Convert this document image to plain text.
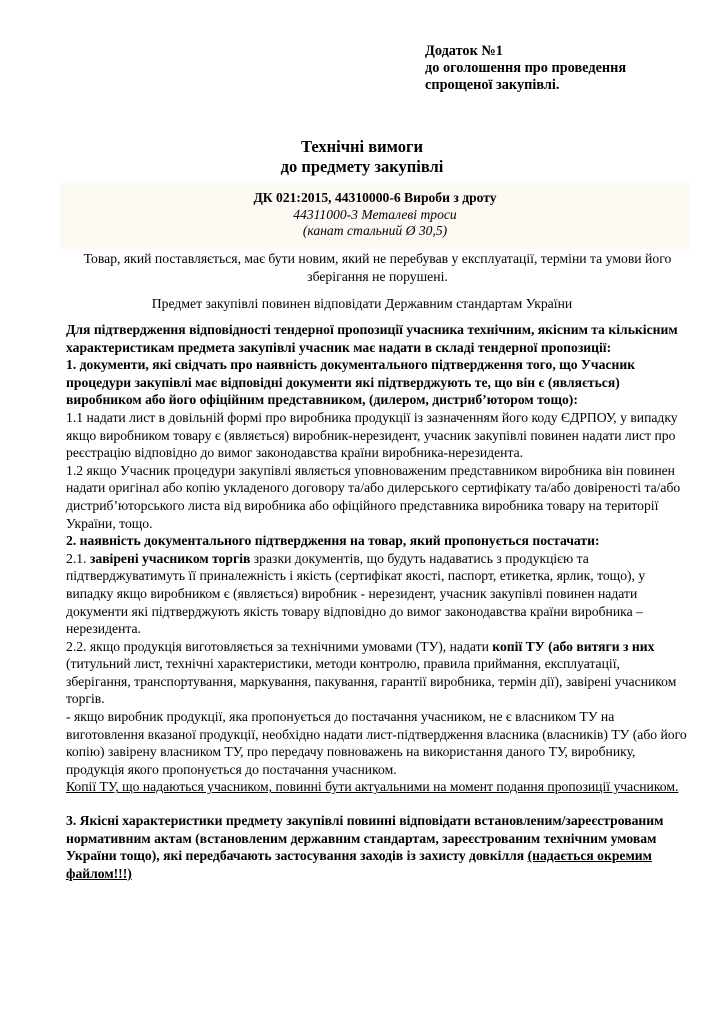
Додаток №1
до оголошення про проведення
спрощеної закупівлі.
Технічні вимоги
до предмету закупівлі
ДК 021:2015, 44310000-6 Вироби з дроту
44311000-3 Металеві троси
(канат стальний Ø 30,5)
Товар, який поставляється, має бути новим, який не перебував у експлуатації, терміни та умови його зберігання не порушені.
Предмет закупівлі повинен відповідати Державним стандартам України

Для підтвердження відповідності тендерної пропозиції учасника технічним, якісним та кількісним характеристикам предмета закупівлі учасник має надати в складі тендерної пропозиції:

1. документи, які свідчать про наявність документального підтвердження того, що Учасник процедури закупівлі має відповідні документи які підтверджують те, що він є (являється) виробником або його офіційним представником, (дилером, дистриб’ютором тощо):

1.1 надати лист в довільній формі про виробника продукції із зазначенням його коду ЄДРПОУ, у випадку якщо виробником товару є (являється) виробник-нерезидент, учасник закупівлі повинен надати лист про реєстрацію відповідно до вимог законодавства країни виробника-нерезидента.

1.2 якщо Учасник процедури закупівлі являється уповноваженим представником виробника він повинен надати оригінал або копію укладеного договору та/або дилерського сертифікату та/або довіреності та/або дистриб’юторського листа від виробника або офіційного представника виробника товару на території України, тощо.

2. наявність документального підтвердження на товар, який пропонується постачати:

2.1. завірені учасником торгів зразки документів, що будуть надаватись з продукцією та підтверджуватимуть її приналежність і якість (сертифікат якості, паспорт, етикетка, ярлик, тощо), у випадку якщо виробником є (являється) виробник - нерезидент, учасник закупівлі повинен надати документи які підтверджують якість товару відповідно до вимог законодавства країни виробника – нерезидента.

2.2. якщо продукція виготовляється за технічними умовами (ТУ), надати копії ТУ (або витяги з них (титульний лист, технічні характеристики, методи контролю, правила приймання, експлуатації, зберігання, транспортування, маркування, пакування, гарантії виробника, термін дії), завірені учасником торгів.

- якщо виробник продукції, яка пропонується до постачання учасником, не є власником ТУ на виготовлення вказаної продукції, необхідно надати лист-підтвердження власника (власників) ТУ (або його копію) завірену власником ТУ, про передачу повноважень на використання даного ТУ, виробнику, продукція якого пропонується до постачання учасником.

Копії ТУ, що надаються учасником, повинні бути актуальними на момент подання пропозиції учасником.

3. Якісні характеристики предмету закупівлі повинні відповідати встановленим/зареєстрованим нормативним актам (встановленим державним стандартам, зареєстрованим технічним умовам України тощо), які передбачають застосування заходів із захисту довкілля (надається окремим файлом!!!)
